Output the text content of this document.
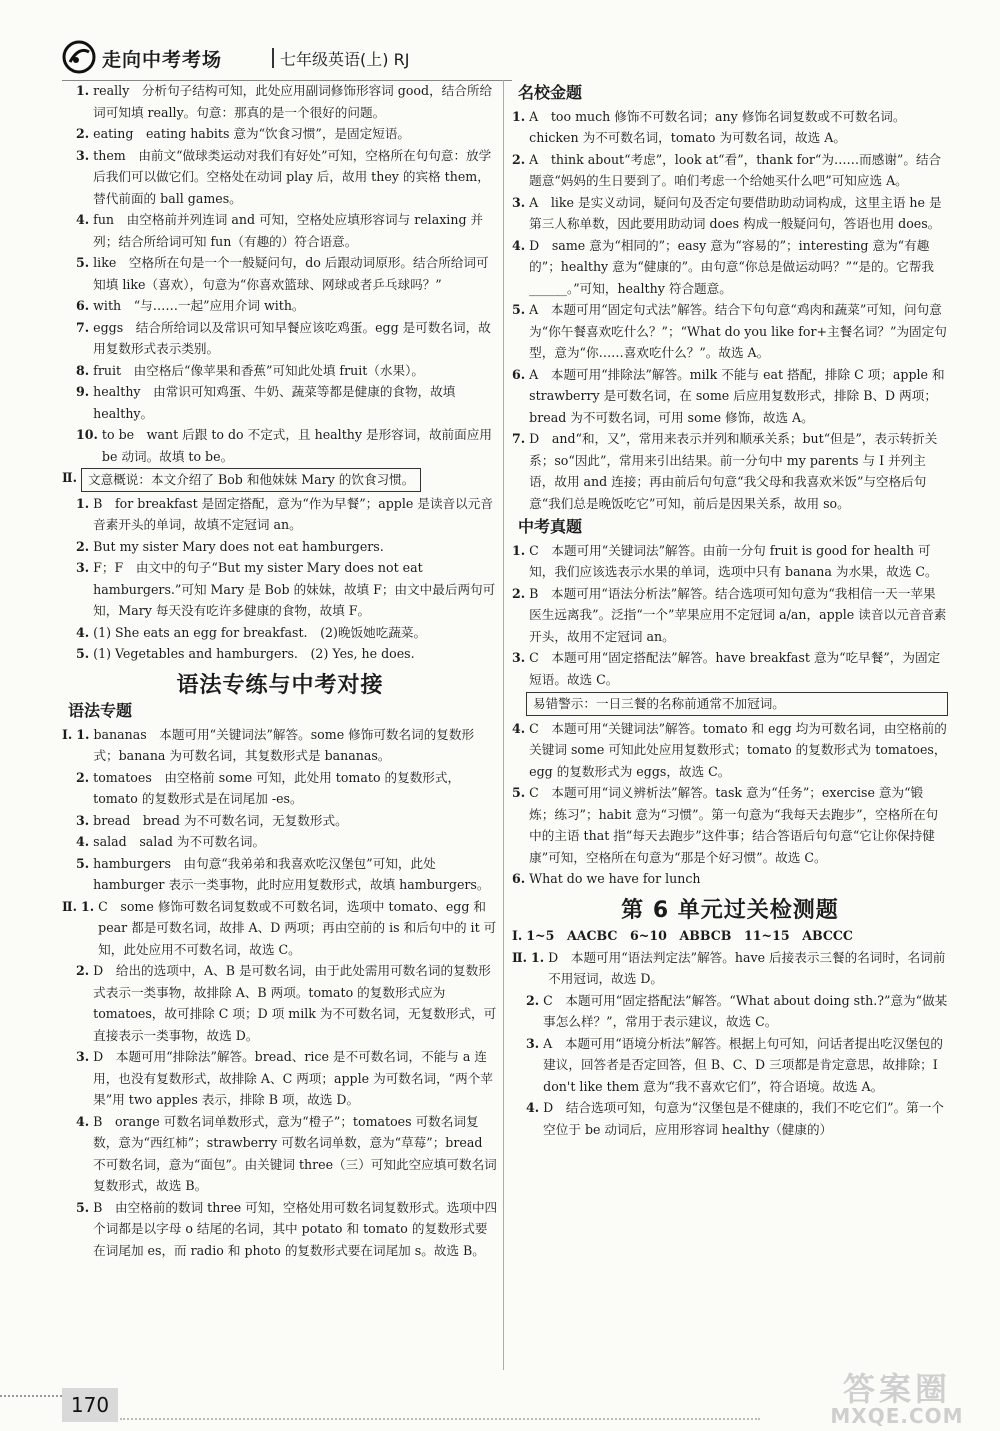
走向中考考场	七年级英语(上) RJ
1. really　分析句子结构可知，此处应用副词修饰形容词 good，结合所给词可知填 really。句意：那真的是一个很好的问题。
2. eating　eating habits 意为“饮食习惯”，是固定短语。
3. them　由前文“做球类运动对我们有好处”可知，空格所在句句意：放学后我们可以做它们。空格处在动词 play 后，故用 they 的宾格 them，替代前面的 ball games。
4. fun　由空格前并列连词 and 可知，空格处应填形容词与 relaxing 并列；结合所给词可知 fun（有趣的）符合语意。
5. like　空格所在句是一个一般疑问句，do 后跟动词原形。结合所给词可知填 like（喜欢），句意为“你喜欢篮球、网球或者乒乓球吗？”
6. with　“与……一起”应用介词 with。
7. eggs　结合所给词以及常识可知早餐应该吃鸡蛋。egg 是可数名词，故用复数形式表示类别。
8. fruit　由空格后“像苹果和香蕉”可知此处填 fruit（水果）。
9. healthy　由常识可知鸡蛋、牛奶、蔬菜等都是健康的食物，故填 healthy。
10. to be　want 后跟 to do 不定式，且 healthy 是形容词，故前面应用 be 动词。故填 to be。
Ⅱ. 文意概说：本文介绍了 Bob 和他妹妹 Mary 的饮食习惯。
1. B　for breakfast 是固定搭配，意为“作为早餐”；apple 是读音以元音音素开头的单词，故填不定冠词 an。
2. But my sister Mary does not eat hamburgers.
3. F；F　由文中的句子“But my sister Mary does not eat hamburgers.”可知 Mary 是 Bob 的妹妹，故填 F；由文中最后两句可知，Mary 每天没有吃许多健康的食物，故填 F。
4. (1) She eats an egg for breakfast.　(2)晚饭她吃蔬菜。
5. (1) Vegetables and hamburgers.　(2) Yes, he does.
语法专练与中考对接
语法专题
Ⅰ. 1. bananas　本题可用“关键词法”解答。some 修饰可数名词的复数形式；banana 为可数名词，其复数形式是 bananas。
2. tomatoes　由空格前 some 可知，此处用 tomato 的复数形式，tomato 的复数形式是在词尾加 -es。
3. bread　bread 为不可数名词，无复数形式。
4. salad　salad 为不可数名词。
5. hamburgers　由句意“我弟弟和我喜欢吃汉堡包”可知，此处 hamburger 表示一类事物，此时应用复数形式，故填 hamburgers。
Ⅱ. 1. C　some 修饰可数名词复数或不可数名词，选项中 tomato、egg 和 pear 都是可数名词，故排 A、D 两项；再由空前的 is 和后句中的 it 可知，此处应用不可数名词，故选 C。
2. D　给出的选项中，A、B 是可数名词，由于此处需用可数名词的复数形式表示一类事物，故排除 A、B 两项。tomato 的复数形式应为 tomatoes，故可排除 C 项；D 项 milk 为不可数名词，无复数形式，可直接表示一类事物，故选 D。
3. D　本题可用“排除法”解答。bread、rice 是不可数名词，不能与 a 连用，也没有复数形式，故排除 A、C 两项；apple 为可数名词，“两个苹果”用 two apples 表示，排除 B 项，故选 D。
4. B　orange 可数名词单数形式，意为“橙子”；tomatoes 可数名词复数，意为“西红柿”；strawberry 可数名词单数，意为“草莓”；bread 不可数名词，意为“面包”。由关键词 three（三）可知此空应填可数名词复数形式，故选 B。
5. B　由空格前的数词 three 可知，空格处用可数名词复数形式。选项中四个词都是以字母 o 结尾的名词，其中 potato 和 tomato 的复数形式要在词尾加 es，而 radio 和 photo 的复数形式要在词尾加 s。故选 B。
名校金题
1. A　too much 修饰不可数名词；any 修饰名词复数或不可数名词。chicken 为不可数名词，tomato 为可数名词，故选 A。
2. A　think about“考虑”，look at“看”，thank for“为……而感谢”。结合题意“妈妈的生日要到了。咱们考虑一个给她买什么吧”可知应选 A。
3. A　like 是实义动词，疑问句及否定句要借助助动词构成，这里主语 he 是第三人称单数，因此要用助动词 does 构成一般疑问句，答语也用 does。
4. D　same 意为“相同的”；easy 意为“容易的”；interesting 意为“有趣的”；healthy 意为“健康的”。由句意“你总是做运动吗？”“是的。它帮我______。”可知，healthy 符合题意。
5. A　本题可用“固定句式法”解答。结合下句句意“鸡肉和蔬菜”可知，问句意为“你午餐喜欢吃什么？”；“What do you like for+主餐名词？”为固定句型，意为“你……喜欢吃什么？”。故选 A。
6. A　本题可用“排除法”解答。milk 不能与 eat 搭配，排除 C 项；apple 和 strawberry 是可数名词，在 some 后应用复数形式，排除 B、D 两项；bread 为不可数名词，可用 some 修饰，故选 A。
7. D　and“和，又”，常用来表示并列和顺承关系；but“但是”，表示转折关系；so“因此”，常用来引出结果。前一分句中 my parents 与 I 并列主语，故用 and 连接；再由前后句句意“我父母和我喜欢米饭”与空格后句意“我们总是晚饭吃它”可知，前后是因果关系，故用 so。
中考真题
1. C　本题可用“关键词法”解答。由前一分句 fruit is good for health 可知，我们应该选表示水果的单词，选项中只有 banana 为水果，故选 C。
2. B　本题可用“语法分析法”解答。结合选项可知句意为“我相信一天一苹果医生远离我”。泛指“一个”苹果应用不定冠词 a/an，apple 读音以元音音素开头，故用不定冠词 an。
3. C　本题可用“固定搭配法”解答。have breakfast 意为“吃早餐”，为固定短语。故选 C。
易错警示：一日三餐的名称前通常不加冠词。
4. C　本题可用“关键词法”解答。tomato 和 egg 均为可数名词，由空格前的关键词 some 可知此处应用复数形式；tomato 的复数形式为 tomatoes，egg 的复数形式为 eggs，故选 C。
5. C　本题可用“词义辨析法”解答。task 意为“任务”；exercise 意为“锻炼；练习”；habit 意为“习惯”。第一句意为“我每天去跑步”，空格所在句中的主语 that 指“每天去跑步”这件事；结合答语后句句意“它让你保持健康”可知，空格所在句意为“那是个好习惯”。故选 C。
6. What do we have for lunch
第 6 单元过关检测题
Ⅰ. 1~5　AACBC　6~10　ABBCB　11~15　ABCCC
Ⅱ. 1. D　本题可用“语法判定法”解答。have 后接表示三餐的名词时，名词前不用冠词，故选 D。
2. C　本题可用“固定搭配法”解答。“What about doing sth.?”意为“做某事怎么样？”，常用于表示建议，故选 C。
3. A　本题可用“语境分析法”解答。根据上句可知，问话者提出吃汉堡包的建议，回答者是否定回答，但 B、C、D 三项都是肯定意思，故排除；I don't like them 意为“我不喜欢它们”，符合语境。故选 A。
4. D　结合选项可知，句意为“汉堡包是不健康的，我们不吃它们”。第一个空位于 be 动词后，应用形容词 healthy（健康的）
170	答案圈
MXQE.COM
